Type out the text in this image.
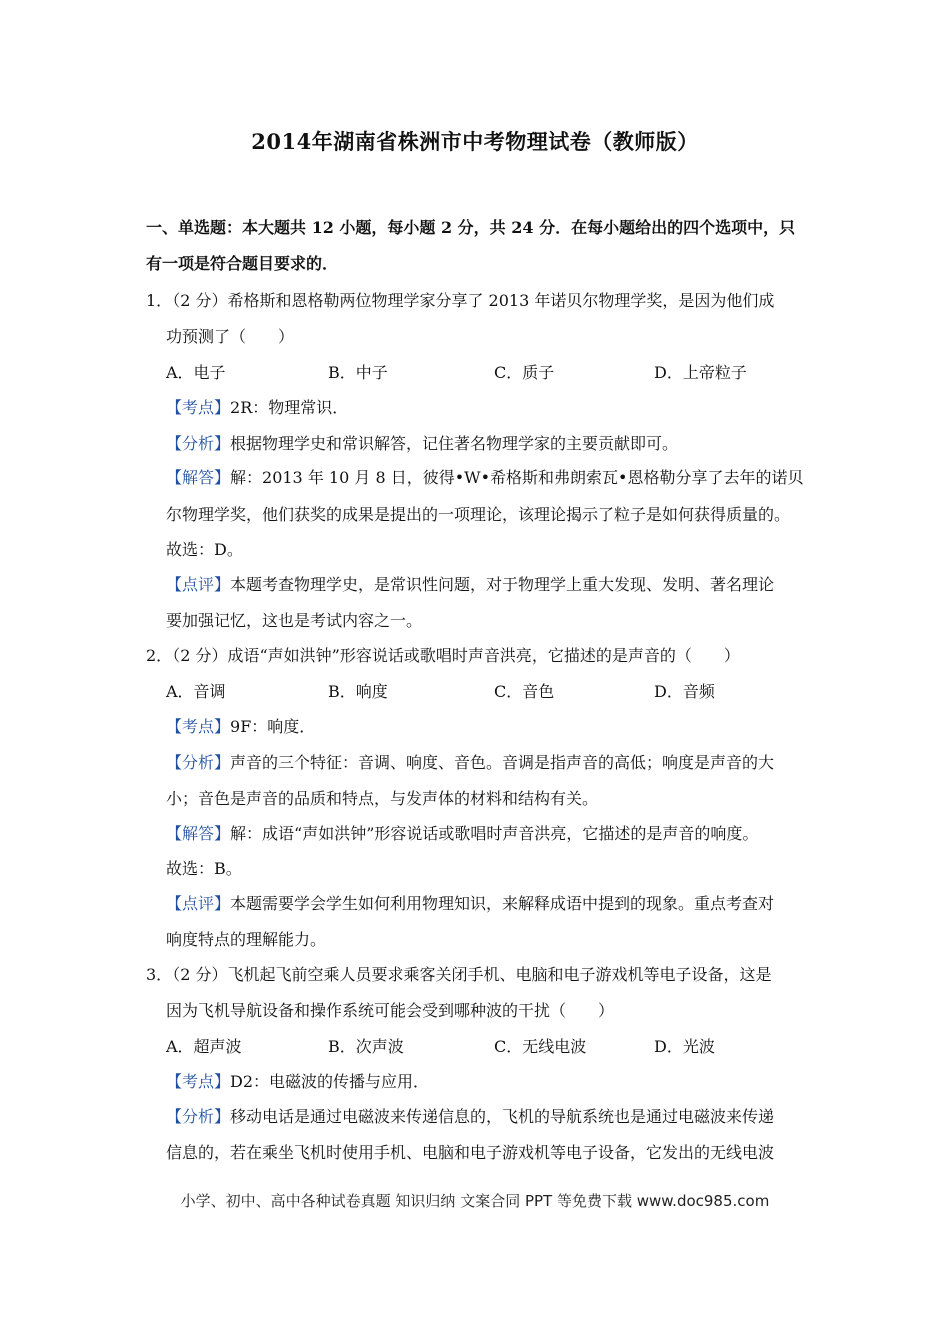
2014年湖南省株洲市中考物理试卷（教师版）
一、单选题：本大题共 12 小题，每小题 2 分，共 24 分．在每小题给出的四个选项中，只
有一项是符合题目要求的．
1．（2 分）希格斯和恩格勒两位物理学家分享了 2013 年诺贝尔物理学奖，是因为他们成
功预测了（　　）
A．电子	B．中子	C．质子	D．上帝粒子
【考点】2R：物理常识．
【分析】根据物理学史和常识解答，记住著名物理学家的主要贡献即可。
【解答】解：2013 年 10 月 8 日，彼得•W•希格斯和弗朗索瓦•恩格勒分享了去年的诺贝
尔物理学奖，他们获奖的成果是提出的一项理论，该理论揭示了粒子是如何获得质量的。
故选：D。
【点评】本题考查物理学史，是常识性问题，对于物理学上重大发现、发明、著名理论
要加强记忆，这也是考试内容之一。
2．（2 分）成语“声如洪钟”形容说话或歌唱时声音洪亮，它描述的是声音的（　　）
A．音调	B．响度	C．音色	D．音频
【考点】9F：响度．
【分析】声音的三个特征：音调、响度、音色。音调是指声音的高低；响度是声音的大
小；音色是声音的品质和特点，与发声体的材料和结构有关。
【解答】解：成语“声如洪钟”形容说话或歌唱时声音洪亮，它描述的是声音的响度。
故选：B。
【点评】本题需要学会学生如何利用物理知识，来解释成语中提到的现象。重点考查对
响度特点的理解能力。
3．（2 分）飞机起飞前空乘人员要求乘客关闭手机、电脑和电子游戏机等电子设备，这是
因为飞机导航设备和操作系统可能会受到哪种波的干扰（　　）
A．超声波	B．次声波	C．无线电波	D．光波
【考点】D2：电磁波的传播与应用．
【分析】移动电话是通过电磁波来传递信息的，飞机的导航系统也是通过电磁波来传递
信息的，若在乘坐飞机时使用手机、电脑和电子游戏机等电子设备，它发出的无线电波
小学、初中、高中各种试卷真题 知识归纳 文案合同 PPT 等免费下载 www.doc985.com
